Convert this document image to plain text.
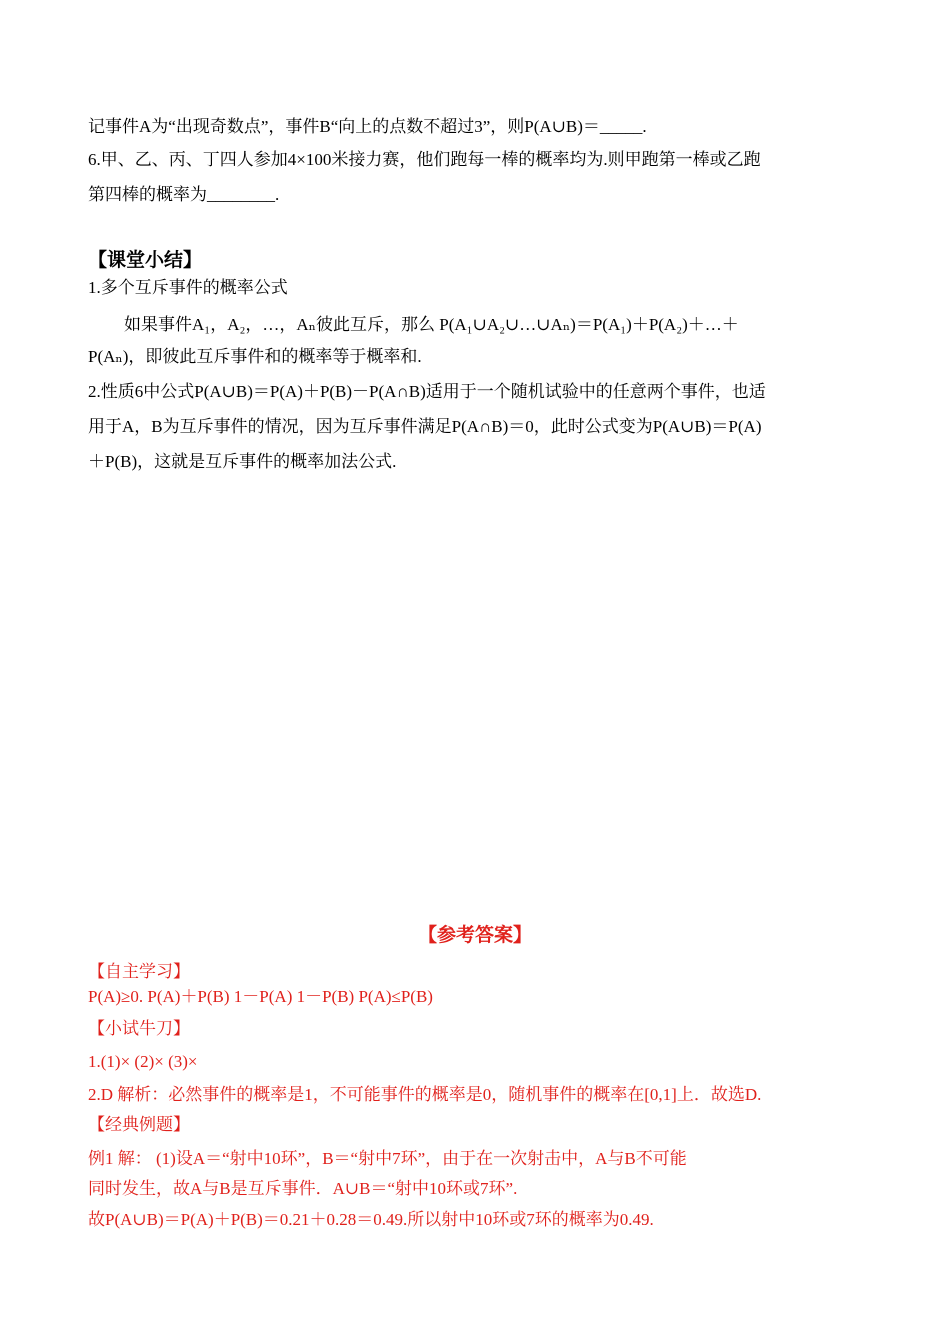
记事件A为“出现奇数点”，事件B“向上的点数不超过3”，则P(A∪B)＝_____.
6.甲、乙、丙、丁四人参加4×100米接力赛，他们跑每一棒的概率均为.则甲跑第一棒或乙跑
第四棒的概率为________.
【课堂小结】
1.多个互斥事件的概率公式
如果事件A₁，A₂，…，Aₙ彼此互斥，那么 P(A₁∪A₂∪…∪Aₙ)＝P(A₁)＋P(A₂)＋…＋
P(Aₙ)，即彼此互斥事件和的概率等于概率和.
2.性质6中公式P(A∪B)＝P(A)＋P(B)－P(A∩B)适用于一个随机试验中的任意两个事件，也适
用于A，B为互斥事件的情况，因为互斥事件满足P(A∩B)＝0，此时公式变为P(A∪B)＝P(A)
＋P(B)，这就是互斥事件的概率加法公式.
【参考答案】
【自主学习】
P(A)≥0. P(A)＋P(B) 1－P(A) 1－P(B) P(A)≤P(B)
【小试牛刀】
1.(1)× (2)× (3)×
2.D 解析：必然事件的概率是1，不可能事件的概率是0，随机事件的概率在[0,1]上．故选D.
【经典例题】
例1 解： (1)设A＝“射中10环”，B＝“射中7环”，由于在一次射击中，A与B不可能
同时发生，故A与B是互斥事件．A∪B＝“射中10环或7环”.
故P(A∪B)＝P(A)＋P(B)＝0.21＋0.28＝0.49.所以射中10环或7环的概率为0.49.
